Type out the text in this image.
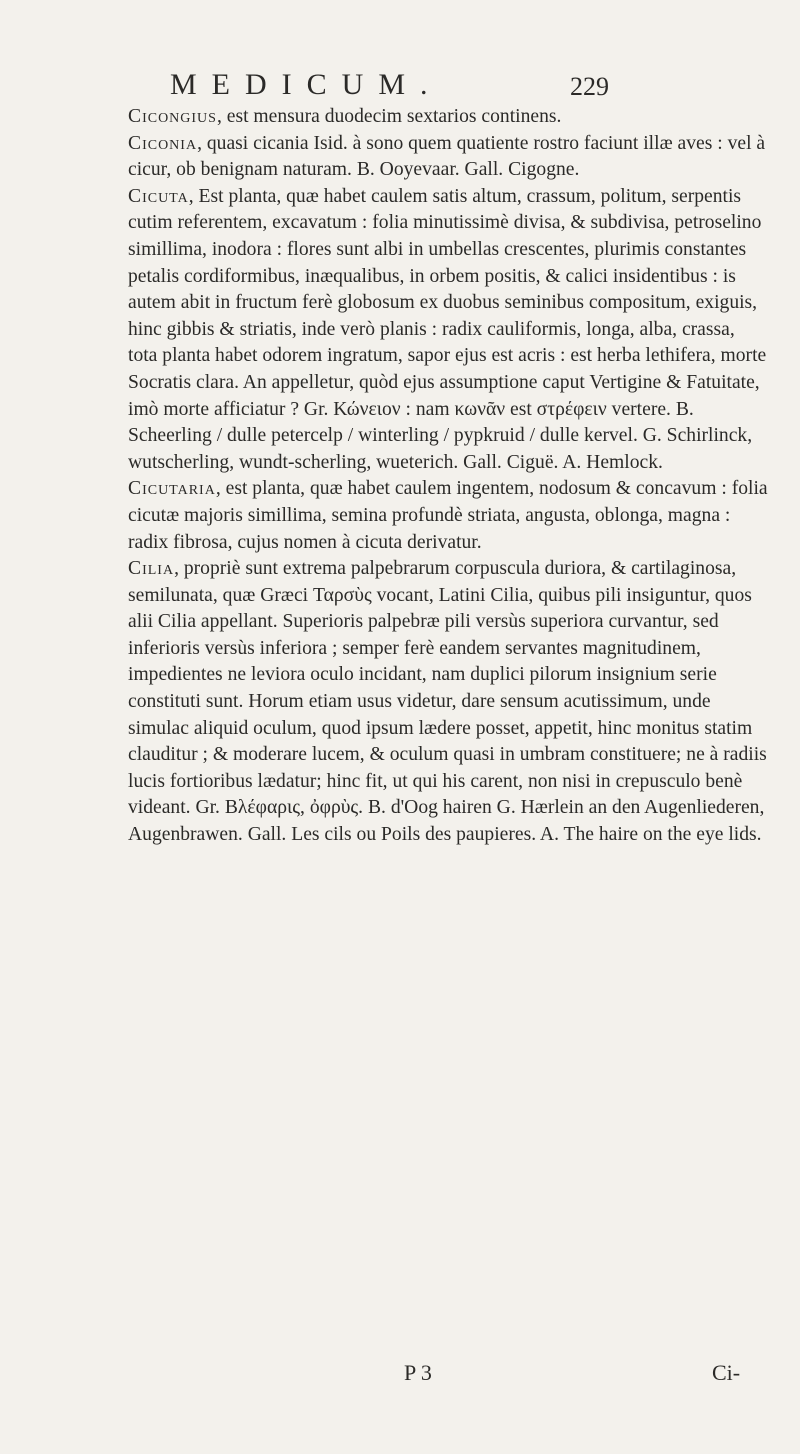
MEDICUM.	229

Cicongius, est mensura duodecim sextarios continens.

Ciconia, quasi cicania Isid. à sono quem quatiente rostro faciunt illæ aves : vel à cicur, ob benignam naturam. B. Ooyevaar. Gall. Cigogne.

Cicuta, Est planta, quæ habet caulem satis altum, crassum, politum, serpentis cutim referentem, excavatum : folia minutissimè divisa, & subdivisa, petroselino simillima, inodora : flores sunt albi in umbellas crescentes, plurimis constantes petalis cordiformibus, inæqualibus, in orbem positis, & calici insidentibus : is autem abit in fructum ferè globosum ex duobus seminibus compositum, exiguis, hinc gibbis & striatis, inde verò planis : radix cauliformis, longa, alba, crassa, tota planta habet odorem ingratum, sapor ejus est acris : est herba lethifera, morte Socratis clara. An appelletur, quòd ejus assumptione caput Vertigine & Fatuitate, imò morte afficiatur ? Gr. Κώνειον : nam κωνᾶν est στρέφειν vertere. B. Scheerling / dulle petercelp / winterling / pypkruid / dulle kervel. G. Schirlinck, wutscherling, wundt-scherling, wueterich. Gall. Ciguë. A. Hemlock.

Cicutaria, est planta, quæ habet caulem ingentem, nodosum & concavum : folia cicutæ majoris simillima, semina profundè striata, angusta, oblonga, magna : radix fibrosa, cujus nomen à cicuta derivatur.

Cilia, propriè sunt extrema palpebrarum corpuscula duriora, & cartilaginosa, semilunata, quæ Græci Ταρσὺς vocant, Latini Cilia, quibus pili insiguntur, quos alii Cilia appellant. Superioris palpebræ pili versùs superiora curvantur, sed inferioris versùs inferiora ; semper ferè eandem servantes magnitudinem, impedientes ne leviora oculo incidant, nam duplici pilorum insignium serie constituti sunt. Horum etiam usus videtur, dare sensum acutissimum, unde simulac aliquid oculum, quod ipsum lædere posset, appetit, hinc monitus statim clauditur ; & moderare lucem, & oculum quasi in umbram constituere; ne à radiis lucis fortioribus lædatur; hinc fit, ut qui his carent, non nisi in crepusculo benè videant. Gr. Βλέφαρις, ὀφρὺς. B. d'Oog hairen G. Hærlein an den Augenliederen, Augenbrawen. Gall. Les cils ou Poils des paupieres. A. The haire on the eye lids.

P 3	Ci-
